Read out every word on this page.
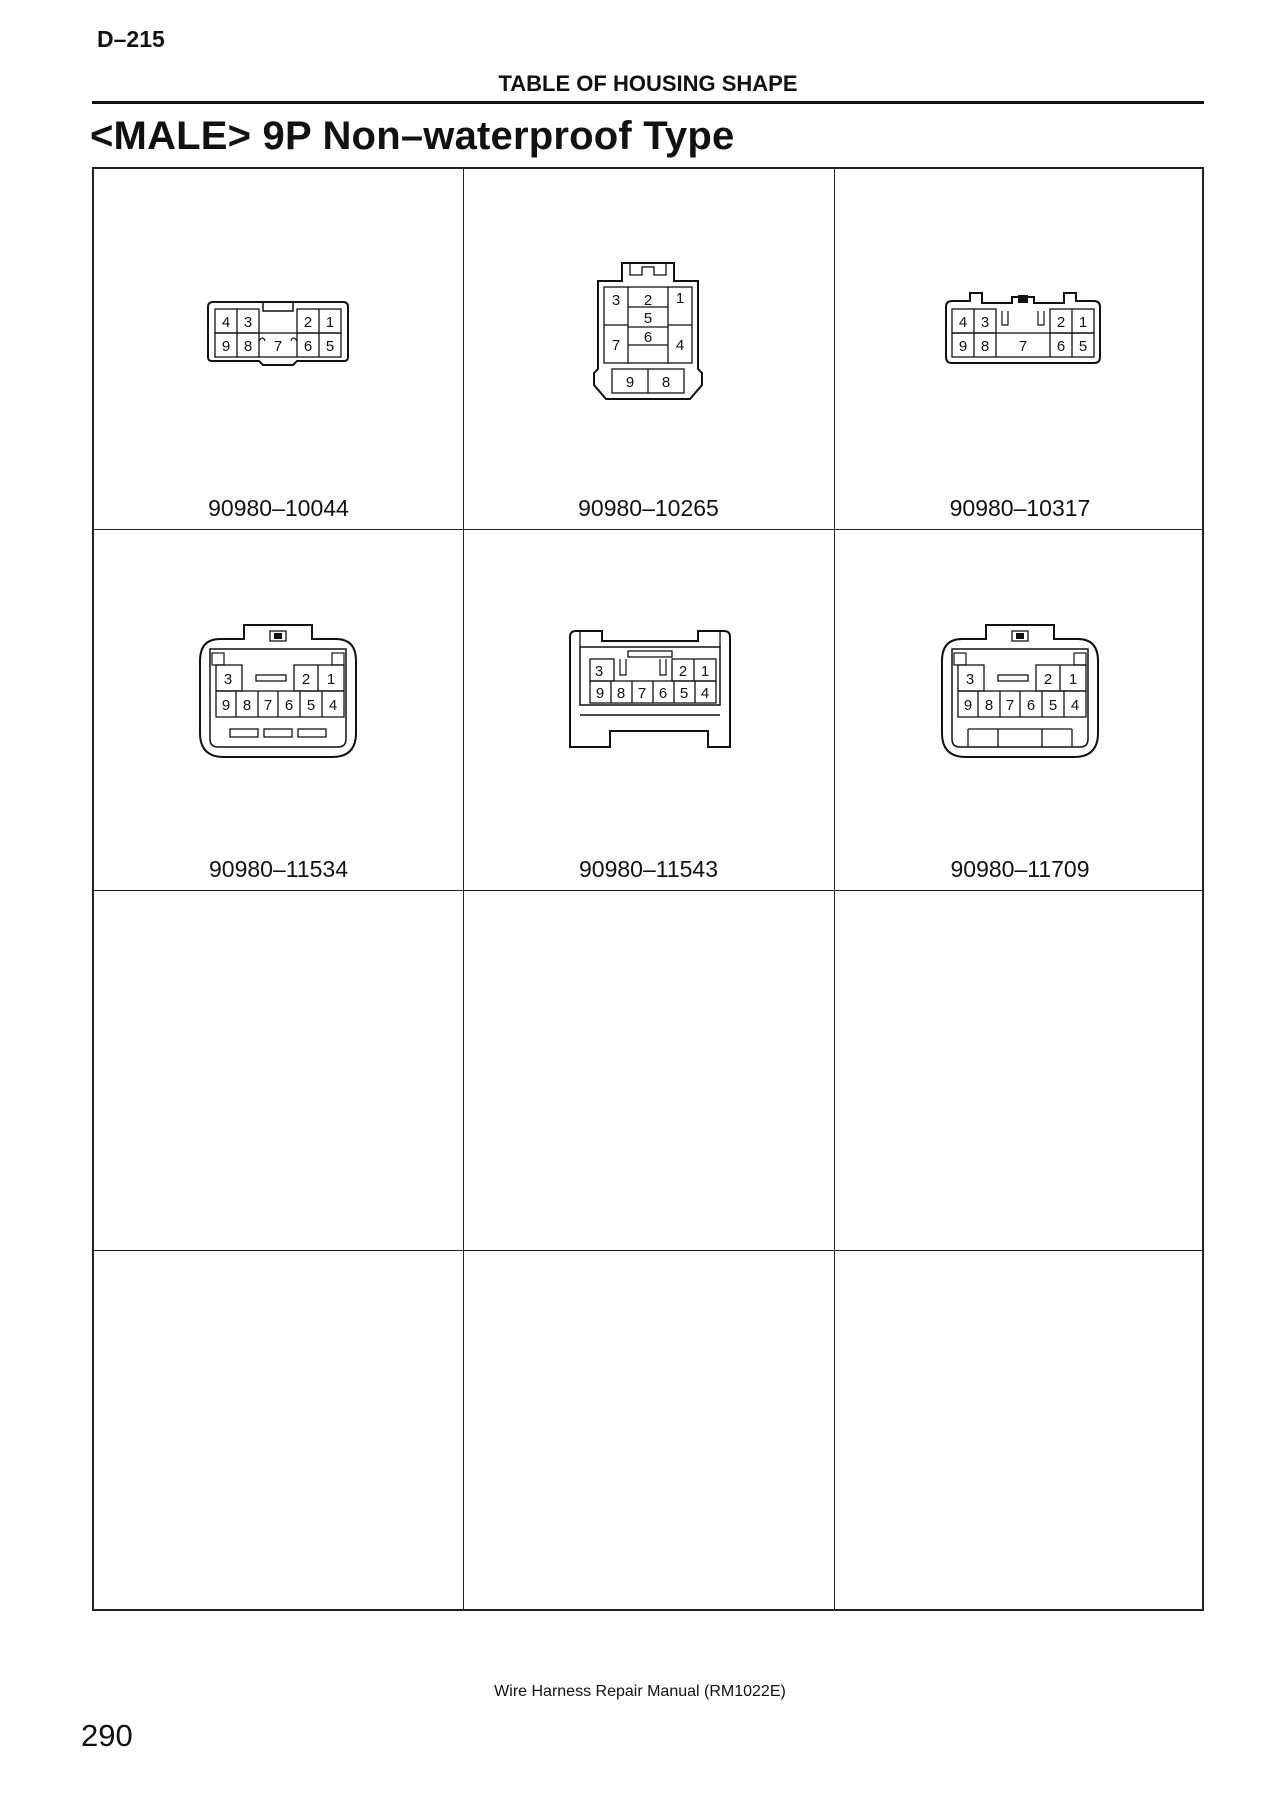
D–215
TABLE OF HOUSING SHAPE
<MALE> 9P Non–waterproof Type
4 3	2 1
9 8 7 6 5
90980–10044
3 2 1
5
7	4
6
9 8
90980–10265
4 3	2 1
9 8 7 6 5
90980–10317
3	2 1
9 8 7 6 5 4
90980–11534
3	2 1
9 8 7 6 5 4
90980–11543
3	2 1
9 8 7 6 5 4
90980–11709
Wire Harness Repair Manual (RM1022E)
290
